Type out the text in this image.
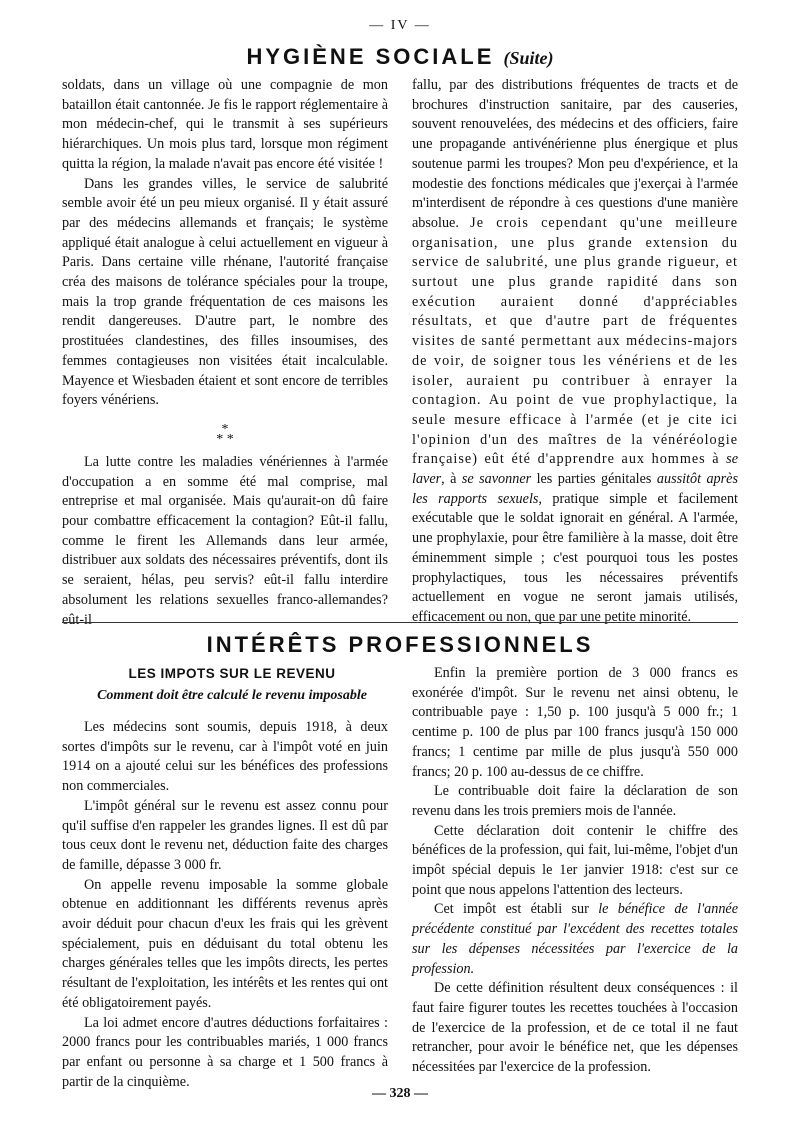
— IV —
HYGIÈNE SOCIALE (Suite)

soldats, dans un village où une compagnie de mon bataillon était cantonnée. Je fis le rapport réglementaire à mon médecin-chef, qui le transmit à ses supérieurs hiérarchiques. Un mois plus tard, lorsque mon régiment quitta la région, la malade n'avait pas encore été visitée !

Dans les grandes villes, le service de salubrité semble avoir été un peu mieux organisé. Il y était assuré par des médecins allemands et français; le système appliqué était analogue à celui actuellement en vigueur à Paris. Dans certaine ville rhénane, l'autorité française créa des maisons de tolérance spéciales pour la troupe, mais la trop grande fréquentation de ces maisons les rendit dangereuses. D'autre part, le nombre des prostituées clandestines, des filles insoumises, des femmes contagieuses non visitées était incalculable. Mayence et Wiesbaden étaient et sont encore de terribles foyers vénériens.

*
* *

La lutte contre les maladies vénériennes à l'armée d'occupation a en somme été mal comprise, mal entreprise et mal organisée. Mais qu'aurait-on dû faire pour combattre efficacement la contagion? Eût-il fallu, comme le firent les Allemands dans leur armée, distribuer aux soldats des nécessaires préventifs, dont ils se seraient, hélas, peu servis? eût-il fallu interdire absolument les relations sexuelles franco-allemandes? eût-il

fallu, par des distributions fréquentes de tracts et de brochures d'instruction sanitaire, par des causeries, souvent renouvelées, des médecins et des officiers, faire une propagande antivénérienne plus énergique et plus soutenue parmi les troupes? Mon peu d'expérience, et la modestie des fonctions médicales que j'exerçai à l'armée m'interdisent de répondre à ces questions d'une manière absolue. Je crois cependant qu'une meilleure organisation, une plus grande extension du service de salubrité, une plus grande rigueur, et surtout une plus grande rapidité dans son exécution auraient donné d'appréciables résultats, et que d'autre part de fréquentes visites de santé permettant aux médecins-majors de voir, de soigner tous les vénériens et de les isoler, auraient pu contribuer à enrayer la contagion. Au point de vue prophylactique, la seule mesure efficace à l'armée (et je cite ici l'opinion d'un des maîtres de la vénéréologie française) eût été d'apprendre aux hommes à se laver, à se savonner les parties génitales aussitôt après les rapports sexuels, pratique simple et facilement exécutable que le soldat ignorait en général. A l'armée, une prophylaxie, pour être familière à la masse, doit être éminemment simple ; c'est pourquoi tous les postes prophylactiques, tous les nécessaires préventifs actuellement en vogue ne seront jamais utilisés, efficacement ou non, que par une petite minorité.

INTÉRÊTS PROFESSIONNELS
LES IMPOTS SUR LE REVENU
Comment doit être calculé le revenu imposable

Les médecins sont soumis, depuis 1918, à deux sortes d'impôts sur le revenu, car à l'impôt voté en juin 1914 on a ajouté celui sur les bénéfices des professions non commerciales.

L'impôt général sur le revenu est assez connu pour qu'il suffise d'en rappeler les grandes lignes. Il est dû par tous ceux dont le revenu net, déduction faite des charges de famille, dépasse 3 000 fr.

On appelle revenu imposable la somme globale obtenue en additionnant les différents revenus après avoir déduit pour chacun d'eux les frais qui les grèvent spécialement, puis en déduisant du total obtenu les charges générales telles que les impôts directs, les pertes résultant de l'exploitation, les intérêts et les rentes qui ont été obligatoirement payés.

La loi admet encore d'autres déductions forfaitaires : 2000 francs pour les contribuables mariés, 1 000 francs par enfant ou personne à sa charge et 1 500 francs à partir de la cinquième.

Enfin la première portion de 3 000 francs es exonérée d'impôt. Sur le revenu net ainsi obtenu, le contribuable paye : 1,50 p. 100 jusqu'à 5 000 fr.; 1 centime p. 100 de plus par 100 francs jusqu'à 150 000 francs; 1 centime par mille de plus jusqu'à 550 000 francs; 20 p. 100 au-dessus de ce chiffre.

Le contribuable doit faire la déclaration de son revenu dans les trois premiers mois de l'année.

Cette déclaration doit contenir le chiffre des bénéfices de la profession, qui fait, lui-même, l'objet d'un impôt spécial depuis le 1er janvier 1918: c'est sur ce point que nous appelons l'attention des lecteurs.

Cet impôt est établi sur le bénéfice de l'année précédente constitué par l'excédent des recettes totales sur les dépenses nécessitées par l'exercice de la profession.

De cette définition résultent deux conséquences : il faut faire figurer toutes les recettes touchées à l'occasion de l'exercice de la profession, et de ce total il ne faut retrancher, pour avoir le bénéfice net, que les dépenses nécessitées par l'exercice de la profession.

— 328 —
